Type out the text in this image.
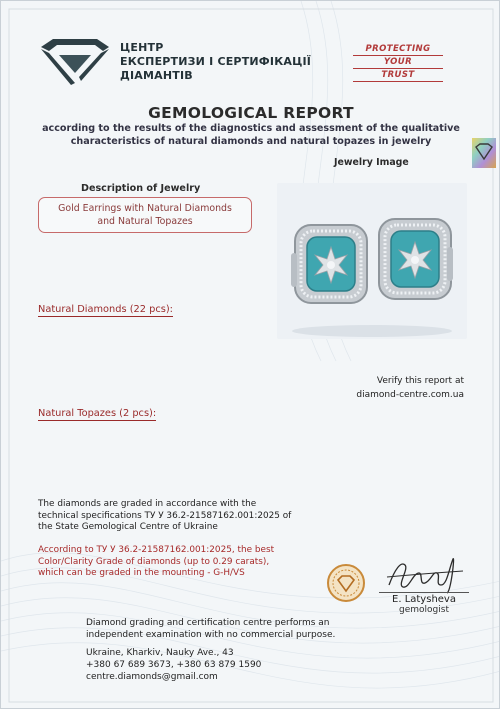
ЦЕНТР
ЕКСПЕРТИЗИ І СЕРТИФІКАЦІЇ
ДІАМАНТІВ
PROTECTING
YOUR
TRUST
GEMOLOGICAL REPORT
according to the results of the diagnostics and assessment of the qualitative
characteristics of natural diamonds and natural topazes in jewelry
Jewelry Image
Description of Jewelry
Gold Earrings with Natural Diamonds
and Natural Topazes
Natural Diamonds (22 pcs):
Natural Topazes (2 pcs):
Verify this report at
diamond-centre.com.ua
The diamonds are graded in accordance with the
technical specifications ТУ У 36.2-21587162.001:2025 of
the State Gemological Centre of Ukraine
According to ТУ У 36.2-21587162.001:2025, the best
Color/Clarity Grade of diamonds (up to 0.29 carats),
which can be graded in the mounting - G-H/VS
E. Latysheva
gemologist
Diamond grading and certification centre performs an
independent examination with no commercial purpose.
Ukraine, Kharkiv, Nauky Ave., 43
+380 67 689 3673, +380 63 879 1590
centre.diamonds@gmail.com
